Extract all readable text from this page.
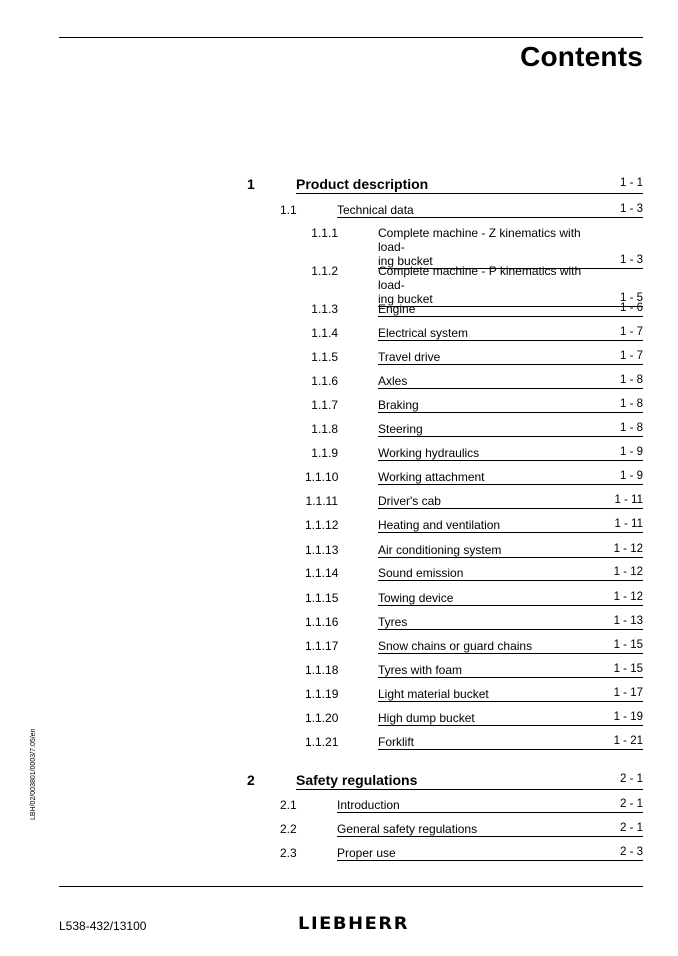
Contents
1	Product description	1 - 1
1.1	Technical data	1 - 3
1.1.1	Complete machine - Z kinematics with load-
ing bucket	1 - 3
1.1.2	Complete machine - P kinematics with load-
ing bucket	1 - 5
1.1.3	Engine	1 - 6
1.1.4	Electrical system	1 - 7
1.1.5	Travel drive	1 - 7
1.1.6	Axles	1 - 8
1.1.7	Braking	1 - 8
1.1.8	Steering	1 - 8
1.1.9	Working hydraulics	1 - 9
1.1.10	Working attachment	1 - 9
1.1.11	Driver's cab	1 - 11
1.1.12	Heating and ventilation	1 - 11
1.1.13	Air conditioning system	1 - 12
1.1.14	Sound emission	1 - 12
1.1.15	Towing device	1 - 12
1.1.16	Tyres	1 - 13
1.1.17	Snow chains or guard chains	1 - 15
1.1.18	Tyres with foam	1 - 15
1.1.19	Light material bucket	1 - 17
1.1.20	High dump bucket	1 - 19
1.1.21	Forklift	1 - 21
2	Safety regulations	2 - 1
2.1	Introduction	2 - 1
2.2	General safety regulations	2 - 1
2.3	Proper use	2 - 3
LBH/02/003801/0003/7.05/en
L538-432/13100	LIEBHERR
